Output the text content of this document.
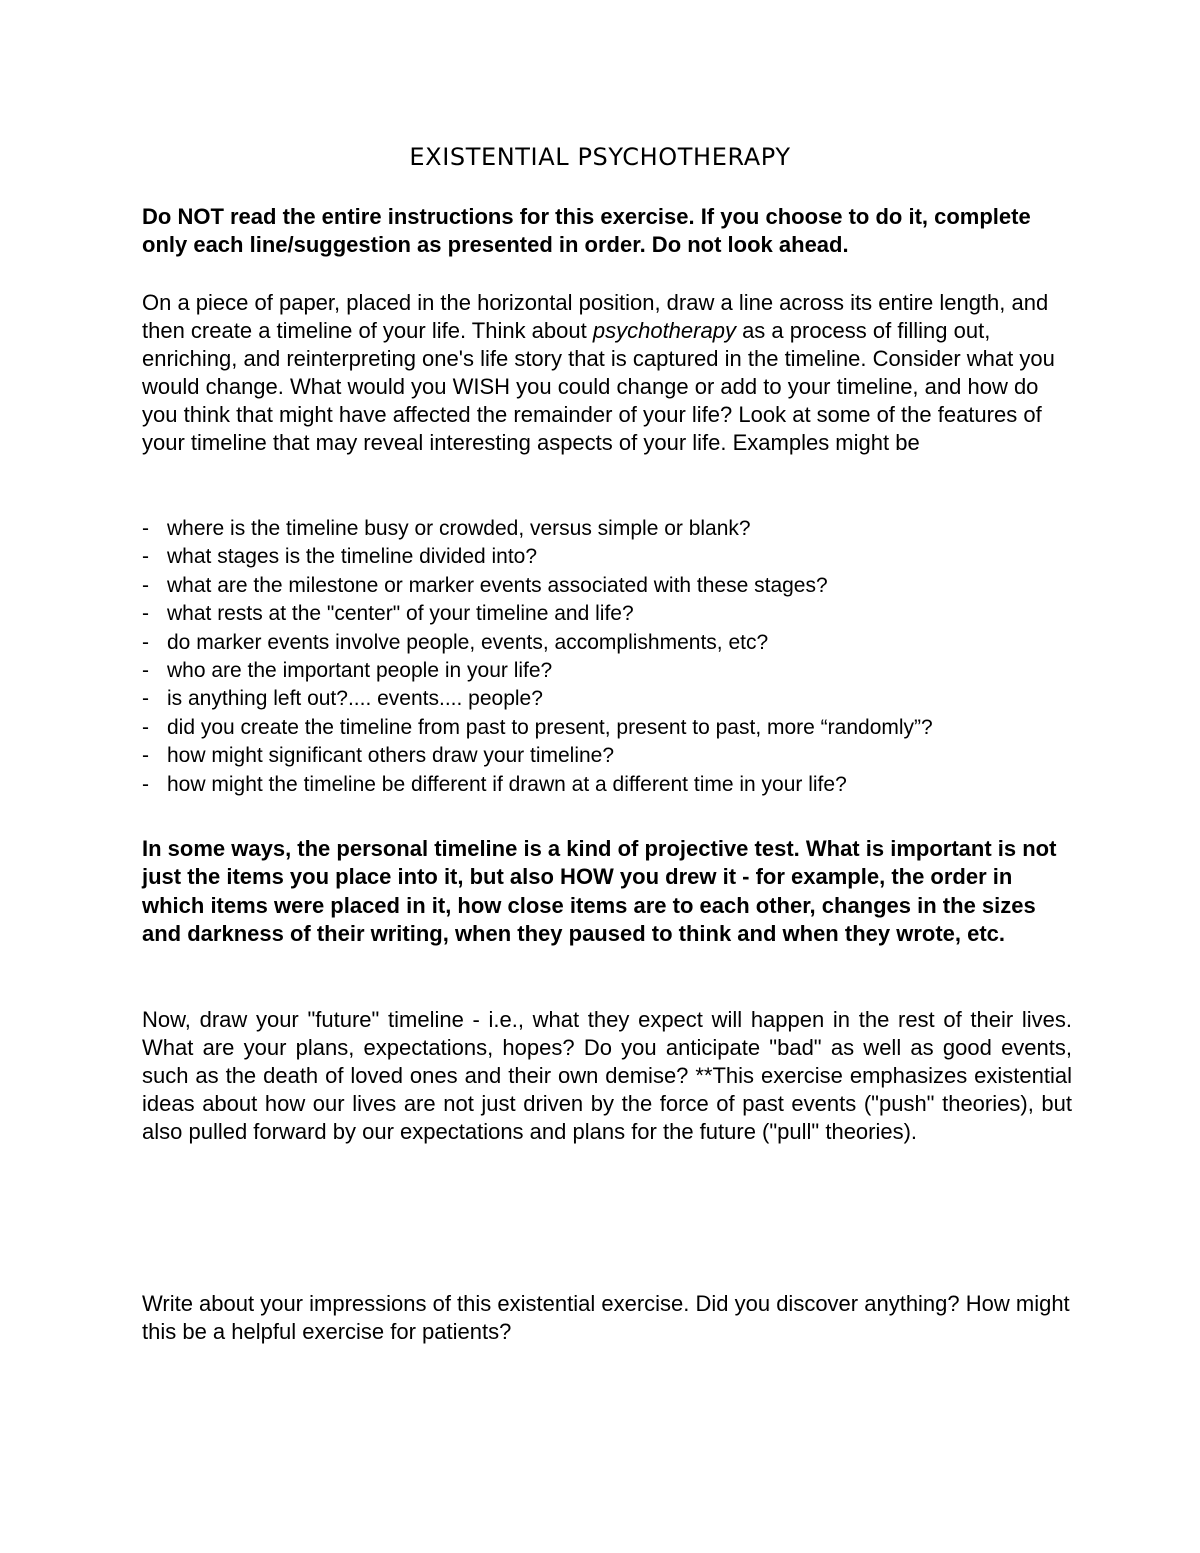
EXISTENTIAL PSYCHOTHERAPY

Do NOT read the entire instructions for this exercise. If you choose to do it, complete only each line/suggestion as presented in order. Do not look ahead.

On a piece of paper, placed in the horizontal position, draw a line across its entire length, and then create a timeline of your life. Think about psychotherapy as a process of filling out, enriching, and reinterpreting one's life story that is captured in the timeline. Consider what you would change. What would you WISH you could change or add to your timeline, and how do you think that might have affected the remainder of your life? Look at some of the features of your timeline that may reveal interesting aspects of your life. Examples might be

- where is the timeline busy or crowded, versus simple or blank?
- what stages is the timeline divided into?
- what are the milestone or marker events associated with these stages?
- what rests at the "center" of your timeline and life?
- do marker events involve people, events, accomplishments, etc?
- who are the important people in your life?
- is anything left out?.... events.... people?
- did you create the timeline from past to present, present to past, more “randomly”?
- how might significant others draw your timeline?
- how might the timeline be different if drawn at a different time in your life?

In some ways, the personal timeline is a kind of projective test. What is important is not just the items you place into it, but also HOW you drew it - for example, the order in which items were placed in it, how close items are to each other, changes in the sizes and darkness of their writing, when they paused to think and when they wrote, etc.

Now, draw your "future" timeline - i.e., what they expect will happen in the rest of their lives. What are your plans, expectations, hopes? Do you anticipate "bad" as well as good events, such as the death of loved ones and their own demise? **This exercise emphasizes existential ideas about how our lives are not just driven by the force of past events ("push" theories), but also pulled forward by our expectations and plans for the future ("pull" theories).

Write about your impressions of this existential exercise. Did you discover anything? How might this be a helpful exercise for patients?
